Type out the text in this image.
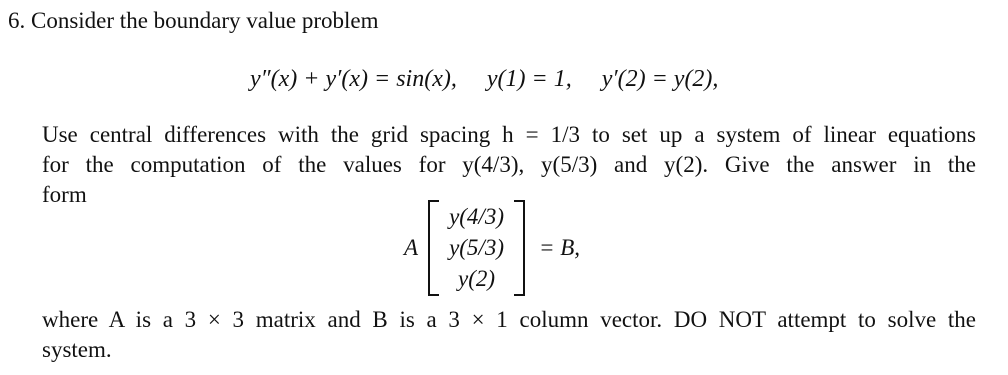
6. Consider the boundary value problem
y″(x) + y′(x) = sin(x), y(1) = 1, y′(2) = y(2),
Use central differences with the grid spacing h = 1/3 to set up a system of linear equations
for the computation of the values for y(4/3), y(5/3) and y(2). Give the answer in the
form
A
y(4/3)
y(5/3)
y(2)
= B,
where A is a 3 × 3 matrix and B is a 3 × 1 column vector. DO NOT attempt to solve the
system.
